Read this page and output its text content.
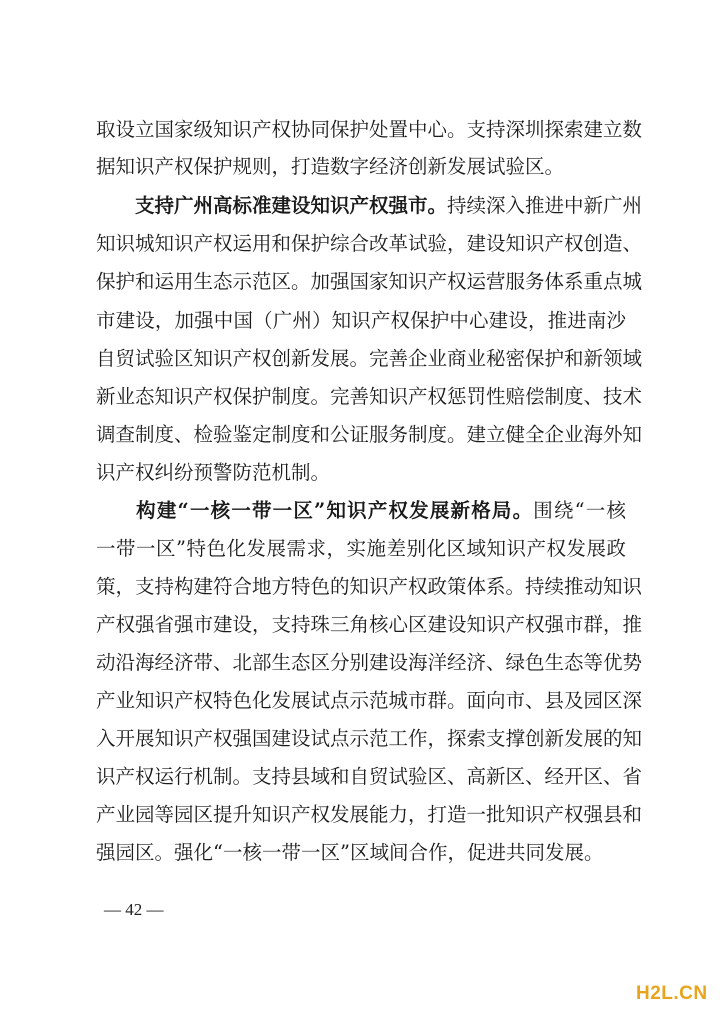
取设立国家级知识产权协同保护处置中心。支持深圳探索建立数
据知识产权保护规则，打造数字经济创新发展试验区。
支持广州高标准建设知识产权强市。持续深入推进中新广州
知识城知识产权运用和保护综合改革试验，建设知识产权创造、
保护和运用生态示范区。加强国家知识产权运营服务体系重点城
市建设，加强中国（广州）知识产权保护中心建设，推进南沙
自贸试验区知识产权创新发展。完善企业商业秘密保护和新领域
新业态知识产权保护制度。完善知识产权惩罚性赔偿制度、技术
调查制度、检验鉴定制度和公证服务制度。建立健全企业海外知
识产权纠纷预警防范机制。
构建“一核一带一区”知识产权发展新格局。围绕“一核
一带一区”特色化发展需求，实施差别化区域知识产权发展政
策，支持构建符合地方特色的知识产权政策体系。持续推动知识
产权强省强市建设，支持珠三角核心区建设知识产权强市群，推
动沿海经济带、北部生态区分别建设海洋经济、绿色生态等优势
产业知识产权特色化发展试点示范城市群。面向市、县及园区深
入开展知识产权强国建设试点示范工作，探索支撑创新发展的知
识产权运行机制。支持县域和自贸试验区、高新区、经开区、省
产业园等园区提升知识产权发展能力，打造一批知识产权强县和
强园区。强化“一核一带一区”区域间合作，促进共同发展。
— 42 —
H2L.CN
